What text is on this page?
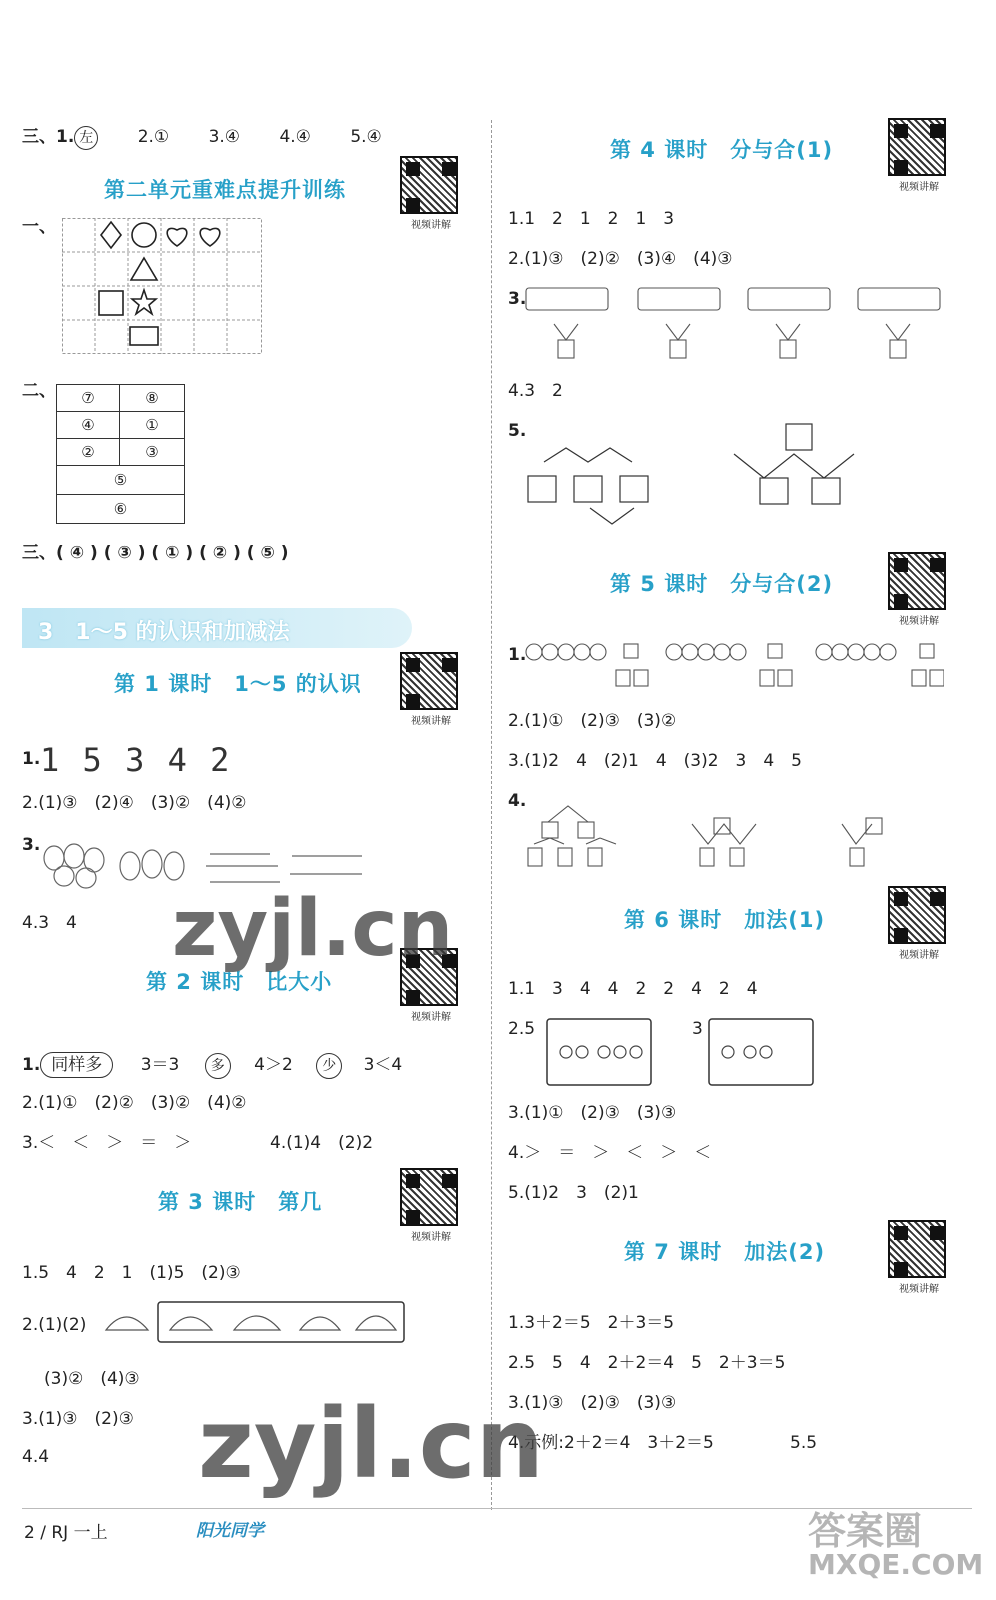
三、1. 左	2.① 3.④ 4.④ 5.④
第二单元重难点提升训练
视频讲解
一、
二、 ⑦	⑧
④	①
②	③
⑤	
⑥	
三、( ④ ) ( ③ ) ( ① ) ( ② ) ( ⑤ )
3　1～5 的认识和加减法
第 1 课时　1～5 的认识
视频讲解
1. 1 5 3 4 2
2.(1)③　(2)④　(3)②　(4)②
3.
4.3　4
第 2 课时　比大小
视频讲解
1. 同样多 3＝3 多 4＞2 少 3＜4
2.(1)①　(2)②　(3)②　(4)②
3.＜　＜　＞　＝　＞	4.(1)4　(2)2
第 3 课时　第几
视频讲解
1.5　4　2　1　(1)5　(2)③
2.(1)(2)
(3)②　(4)③
3.(1)③　(2)③
4.4
第 4 课时　分与合(1)
视频讲解
1.1　2　1　2　1　3
2.(1)③　(2)②　(3)④　(4)③
3.
4.3　2
5.
第 5 课时　分与合(2)
视频讲解
1.
2.(1)①　(2)③　(3)②
3.(1)2　4　(2)1　4　(3)2　3　4　5
4.
第 6 课时　加法(1)
视频讲解
1.1　3　4　4　2　2　4　2　4
2.5	3
3.(1)①　(2)③　(3)③
4.＞　＝　＞　＜　＞　＜
5.(1)2　3　(2)1
第 7 课时　加法(2)
视频讲解
1.3＋2＝5　2＋3＝5
2.5　5　4　2＋2＝4　5　2＋3＝5
3.(1)③　(2)③　(3)③
4.示例:2＋2＝4　3＋2＝5	5.5
2 / RJ 一上	阳光同学
zyjl.cn
zyjl.cn
答案圈
MXQE.COM
